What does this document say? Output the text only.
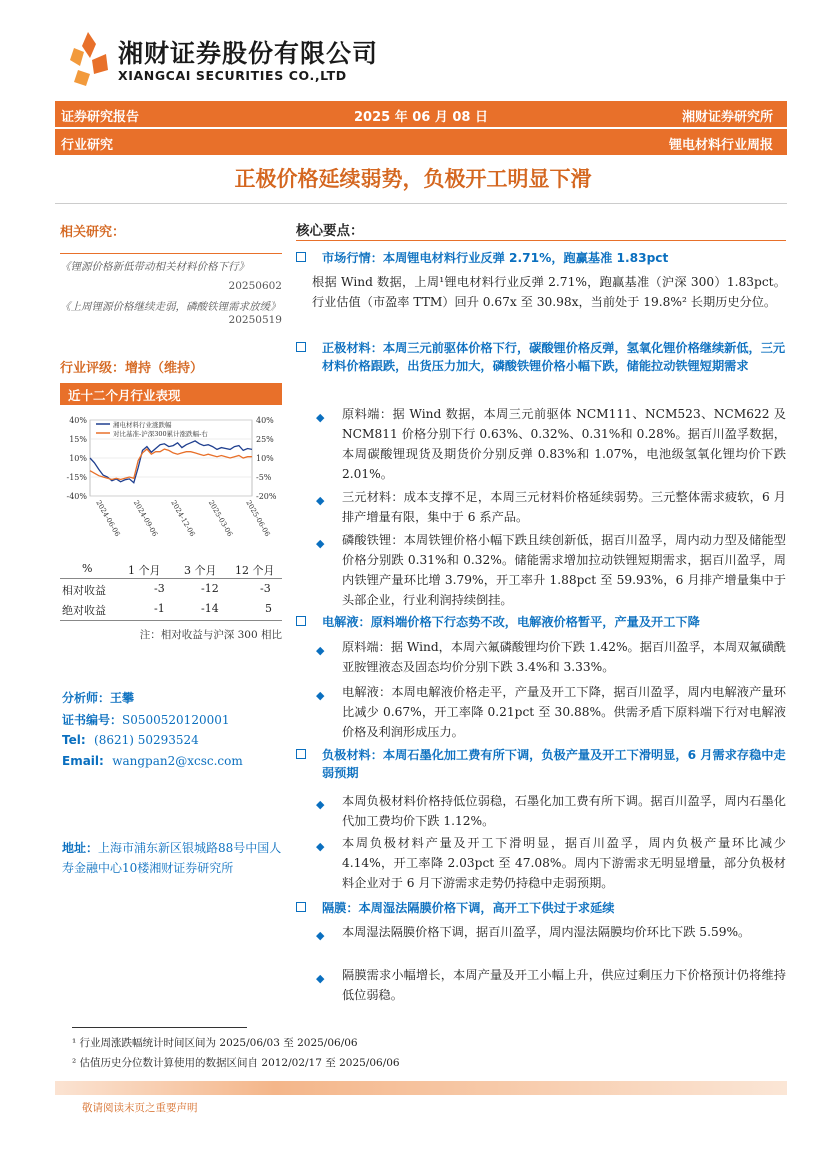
湘财证券股份有限公司
XIANGCAI SECURITIES CO.,LTD
证券研究报告	2025 年 06 月 08 日	湘财证券研究所
行业研究	锂电材料行业周报
正极价格延续弱势，负极开工明显下滑
相关研究：
《锂源价格新低带动相关材料价格下行》
20250602
《上周锂源价格继续走弱，磷酸铁锂需求放缓》
20250519
行业评级：增持（维持）
近十二个月行业表现
40%
15%
10%
-15%
-40%
40%
25%
10%
-5%
-20%
2024-06-06 2024-09-06 2024-12-06 2025-03-06 2025-06-06
湘电材料行业涨跌幅
对比基准-沪深300累计涨跌幅-右
%	1 个月 3 个月 12 个月
相对收益	-3	-12	-3
绝对收益	-1	-14	5
注：相对收益与沪深 300 相比
分析师：王攀
证书编号：S0500520120001
Tel: (8621) 50293524
Email: wangpan2@xcsc.com
地址：上海市浦东新区银城路88号中国人寿金融中心10楼湘财证券研究所
核心要点：
市场行情：本周锂电材料行业反弹 2.71%，跑赢基准 1.83pct
根据 Wind 数据，上周¹锂电材料行业反弹 2.71%，跑赢基准（沪深 300）1.83pct。行业估值（市盈率 TTM）回升 0.67x 至 30.98x，当前处于 19.8%² 长期历史分位。
正极材料：本周三元前驱体价格下行，碳酸锂价格反弹，氢氧化锂价格继续新低，三元材料价格跟跌，出货压力加大，磷酸铁锂价格小幅下跌，储能拉动铁锂短期需求
◆	原料端：据 Wind 数据，本周三元前驱体 NCM111、NCM523、NCM622 及 NCM811 价格分别下行 0.63%、0.32%、0.31%和 0.28%。据百川盈孚数据，本周碳酸锂现货及期货价分别反弹 0.83%和 1.07%，电池级氢氧化锂均价下跌 2.01%。
◆	三元材料：成本支撑不足，本周三元材料价格延续弱势。三元整体需求疲软，6 月排产增量有限，集中于 6 系产品。
◆	磷酸铁锂：本周铁锂价格小幅下跌且续创新低，据百川盈孚，周内动力型及储能型价格分别跌 0.31%和 0.32%。储能需求增加拉动铁锂短期需求，据百川盈孚，周内铁锂产量环比增 3.79%，开工率升 1.88pct 至 59.93%，6 月排产增量集中于头部企业，行业利润持续倒挂。
电解液：原料端价格下行态势不改，电解液价格暂平，产量及开工下降
◆	原料端：据 Wind，本周六氟磷酸锂均价下跌 1.42%。据百川盈孚，本周双氟磺酰亚胺锂液态及固态均价分别下跌 3.4%和 3.33%。
◆	电解液：本周电解液价格走平，产量及开工下降，据百川盈孚，周内电解液产量环比减少 0.67%，开工率降 0.21pct 至 30.88%。供需矛盾下原料端下行对电解液价格及利润形成压力。
负极材料：本周石墨化加工费有所下调，负极产量及开工下滑明显，6 月需求存稳中走弱预期
◆	本周负极材料价格持低位弱稳，石墨化加工费有所下调。据百川盈孚，周内石墨化代加工费均价下跌 1.12%。
◆	本周负极材料产量及开工下滑明显，据百川盈孚，周内负极产量环比减少 4.14%，开工率降 2.03pct 至 47.08%。周内下游需求无明显增量，部分负极材料企业对于 6 月下游需求走势仍持稳中走弱预期。
隔膜：本周湿法隔膜价格下调，高开工下供过于求延续
◆	本周湿法隔膜价格下调，据百川盈孚，周内湿法隔膜均价环比下跌 5.59%。
◆	隔膜需求小幅增长，本周产量及开工小幅上升，供应过剩压力下价格预计仍将维持低位弱稳。
¹ 行业周涨跌幅统计时间区间为 2025/06/03 至 2025/06/06
² 估值历史分位数计算使用的数据区间自 2012/02/17 至 2025/06/06
敬请阅读末页之重要声明
